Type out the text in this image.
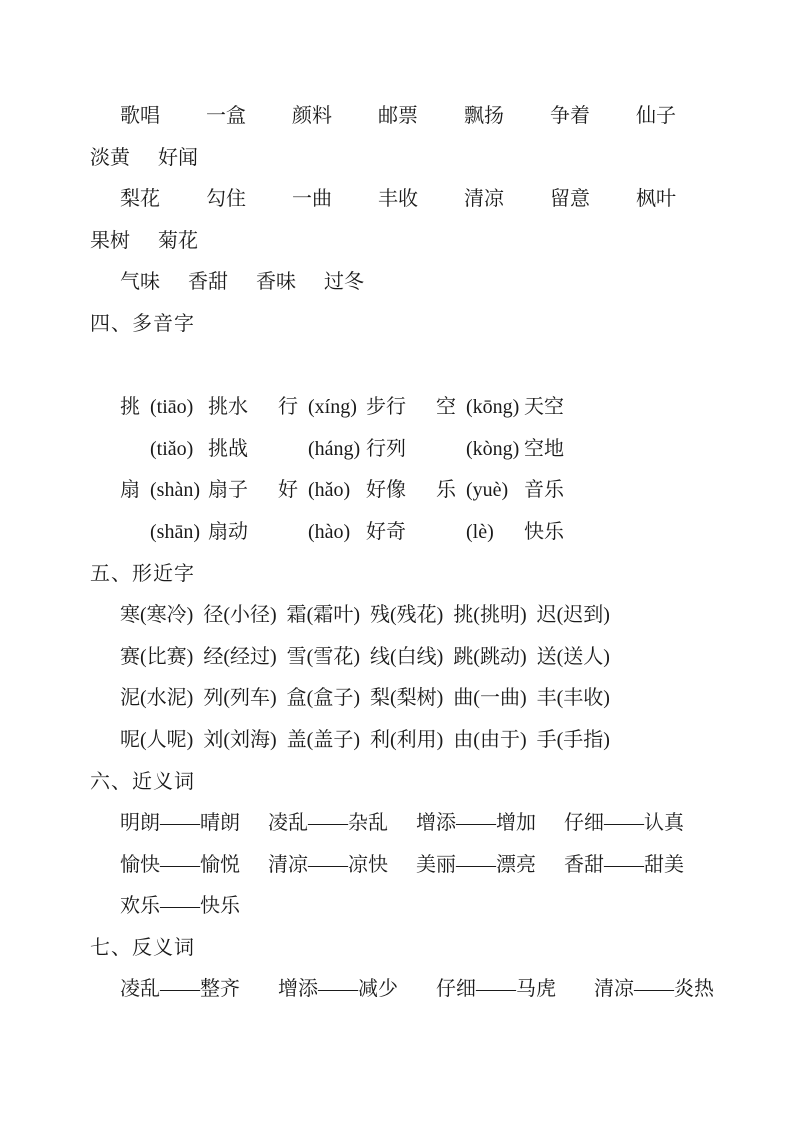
歌唱 一盒 颜料 邮票 飘扬 争着 仙子
淡黄 好闻
梨花 勾住 一曲 丰收 清凉 留意 枫叶
果树 菊花
气味 香甜 香味 过冬
四、多音字
挑 (tiāo) 挑水 行 (xíng) 步行 空 (kōng) 天空
(tiǎo) 挑战	(háng) 行列	(kòng) 空地
扇 (shàn) 扇子 好 (hǎo) 好像 乐 (yuè) 音乐
(shān) 扇动	(hào) 好奇	(lè)	快乐
五、形近字
寒(寒冷) 径(小径) 霜(霜叶) 残(残花) 挑(挑明) 迟(迟到)
赛(比赛) 经(经过) 雪(雪花) 线(白线) 跳(跳动) 送(送人)
泥(水泥) 列(列车) 盒(盒子) 梨(梨树) 曲(一曲) 丰(丰收)
呢(人呢) 刘(刘海) 盖(盖子) 利(利用) 由(由于) 手(手指)
六、近义词
明朗——晴朗 凌乱——杂乱 增添——增加 仔细——认真
愉快——愉悦 清凉——凉快 美丽——漂亮 香甜——甜美
欢乐——快乐
七、反义词
凌乱——整齐 增添——减少 仔细——马虎 清凉——炎热
